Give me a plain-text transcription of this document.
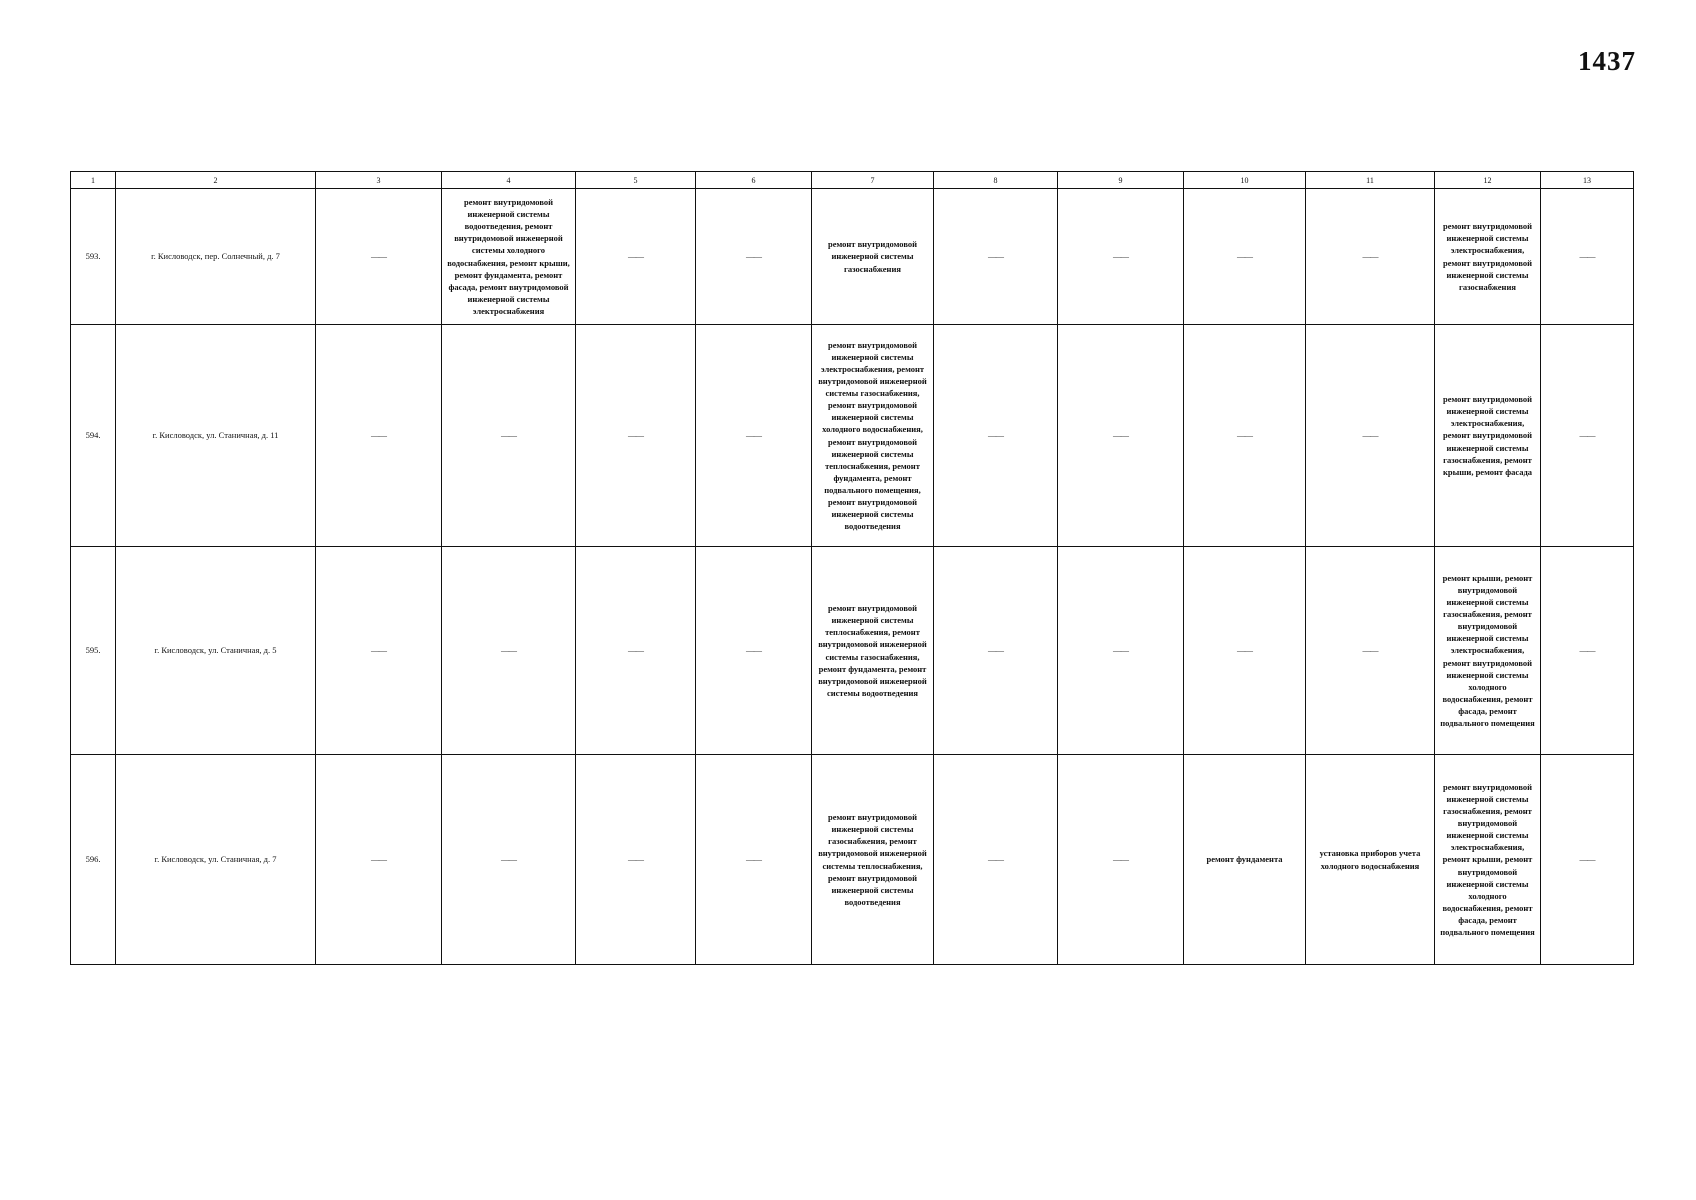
1437
1	2	3	4	5	6	7	8	9	10	11	12	13
593.	г. Кисловодск, пер. Солнечный, д. 7	——	ремонт внутридомовой инженерной системы водоотведения, ремонт внутридомовой инженерной системы холодного водоснабжения, ремонт крыши, ремонт фундамента, ремонт фасада, ремонт внутридомовой инженерной системы электроснабжения	——	——	ремонт внутридомовой инженерной системы газоснабжения	——	——	——	——	ремонт внутридомовой инженерной системы электроснабжения, ремонт внутридомовой инженерной системы газоснабжения	——
594.	г. Кисловодск, ул. Станичная, д. 11	——	——	——	——	ремонт внутридомовой инженерной системы электроснабжения, ремонт внутридомовой инженерной системы газоснабжения, ремонт внутридомовой инженерной системы холодного водоснабжения, ремонт внутридомовой инженерной системы теплоснабжения, ремонт фундамента, ремонт подвального помещения, ремонт внутридомовой инженерной системы водоотведения	——	——	——	——	ремонт внутридомовой инженерной системы электроснабжения, ремонт внутридомовой инженерной системы газоснабжения, ремонт крыши, ремонт фасада	——
595.	г. Кисловодск, ул. Станичная, д. 5	——	——	——	——	ремонт внутридомовой инженерной системы теплоснабжения, ремонт внутридомовой инженерной системы газоснабжения, ремонт фундамента, ремонт внутридомовой инженерной системы водоотведения	——	——	——	——	ремонт крыши, ремонт внутридомовой инженерной системы газоснабжения, ремонт внутридомовой инженерной системы электроснабжения, ремонт внутридомовой инженерной системы холодного водоснабжения, ремонт фасада, ремонт подвального помещения	——
596.	г. Кисловодск, ул. Станичная, д. 7	——	——	——	——	ремонт внутридомовой инженерной системы газоснабжения, ремонт внутридомовой инженерной системы теплоснабжения, ремонт внутридомовой инженерной системы водоотведения	——	——	ремонт фундамента	установка приборов учета холодного водоснабжения	ремонт внутридомовой инженерной системы газоснабжения, ремонт внутридомовой инженерной системы электроснабжения, ремонт крыши, ремонт внутридомовой инженерной системы холодного водоснабжения, ремонт фасада, ремонт подвального помещения	——
